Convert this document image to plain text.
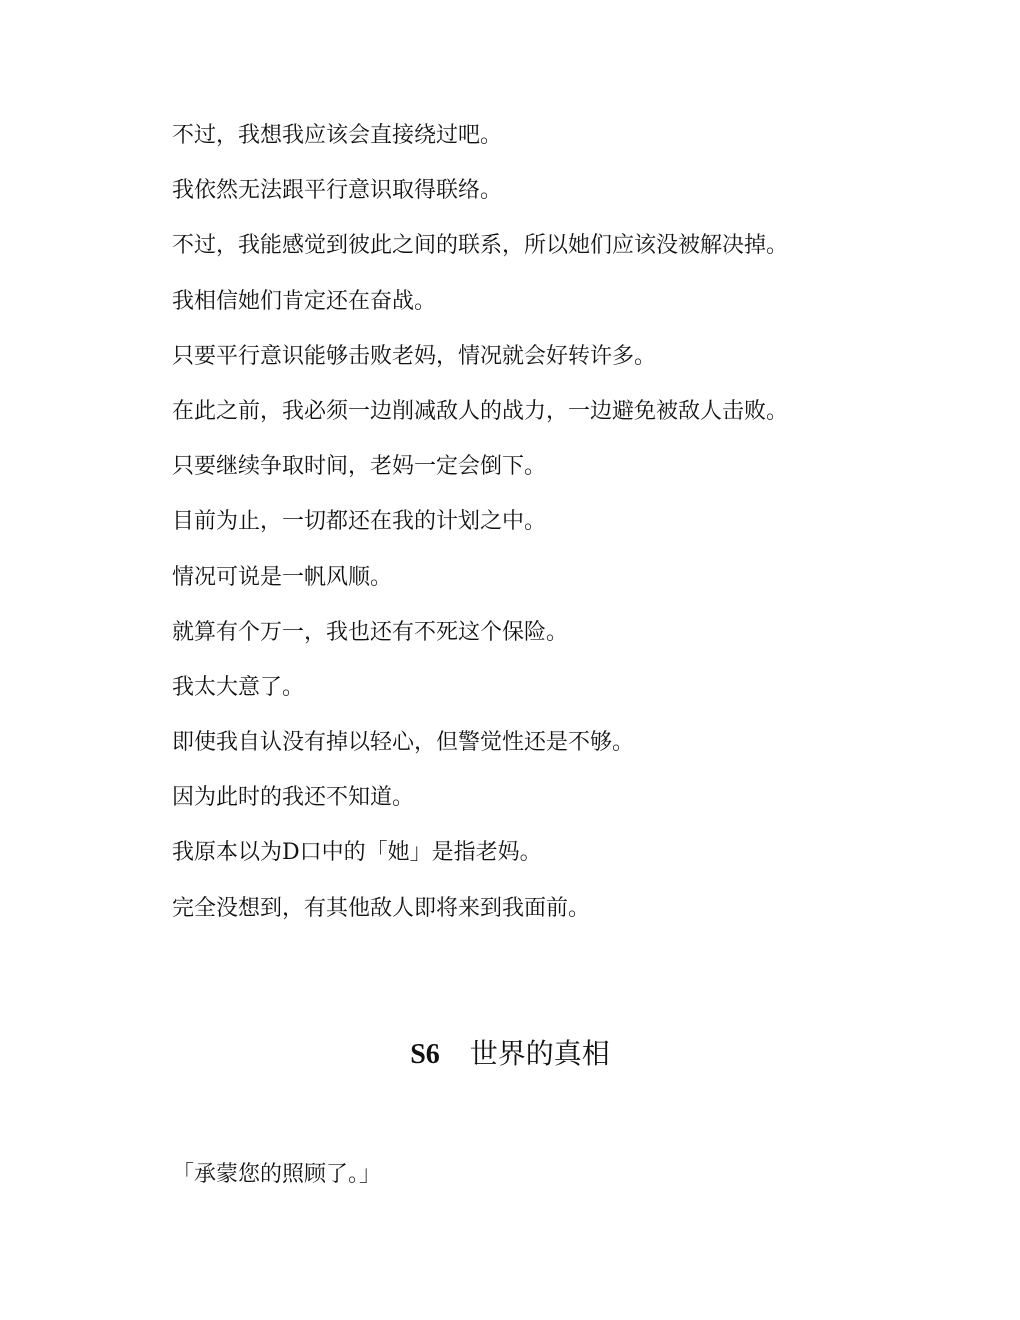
不过，我想我应该会直接绕过吧。

我依然无法跟平行意识取得联络。

不过，我能感觉到彼此之间的联系，所以她们应该没被解决掉。

我相信她们肯定还在奋战。

只要平行意识能够击败老妈，情况就会好转许多。

在此之前，我必须一边削减敌人的战力，一边避免被敌人击败。

只要继续争取时间，老妈一定会倒下。

目前为止，一切都还在我的计划之中。

情况可说是一帆风顺。

就算有个万一，我也还有不死这个保险。

我太大意了。

即使我自认没有掉以轻心，但警觉性还是不够。

因为此时的我还不知道。

我原本以为D口中的「她」是指老妈。

完全没想到，有其他敌人即将来到我面前。

S6 世界的真相

「承蒙您的照顾了。」
